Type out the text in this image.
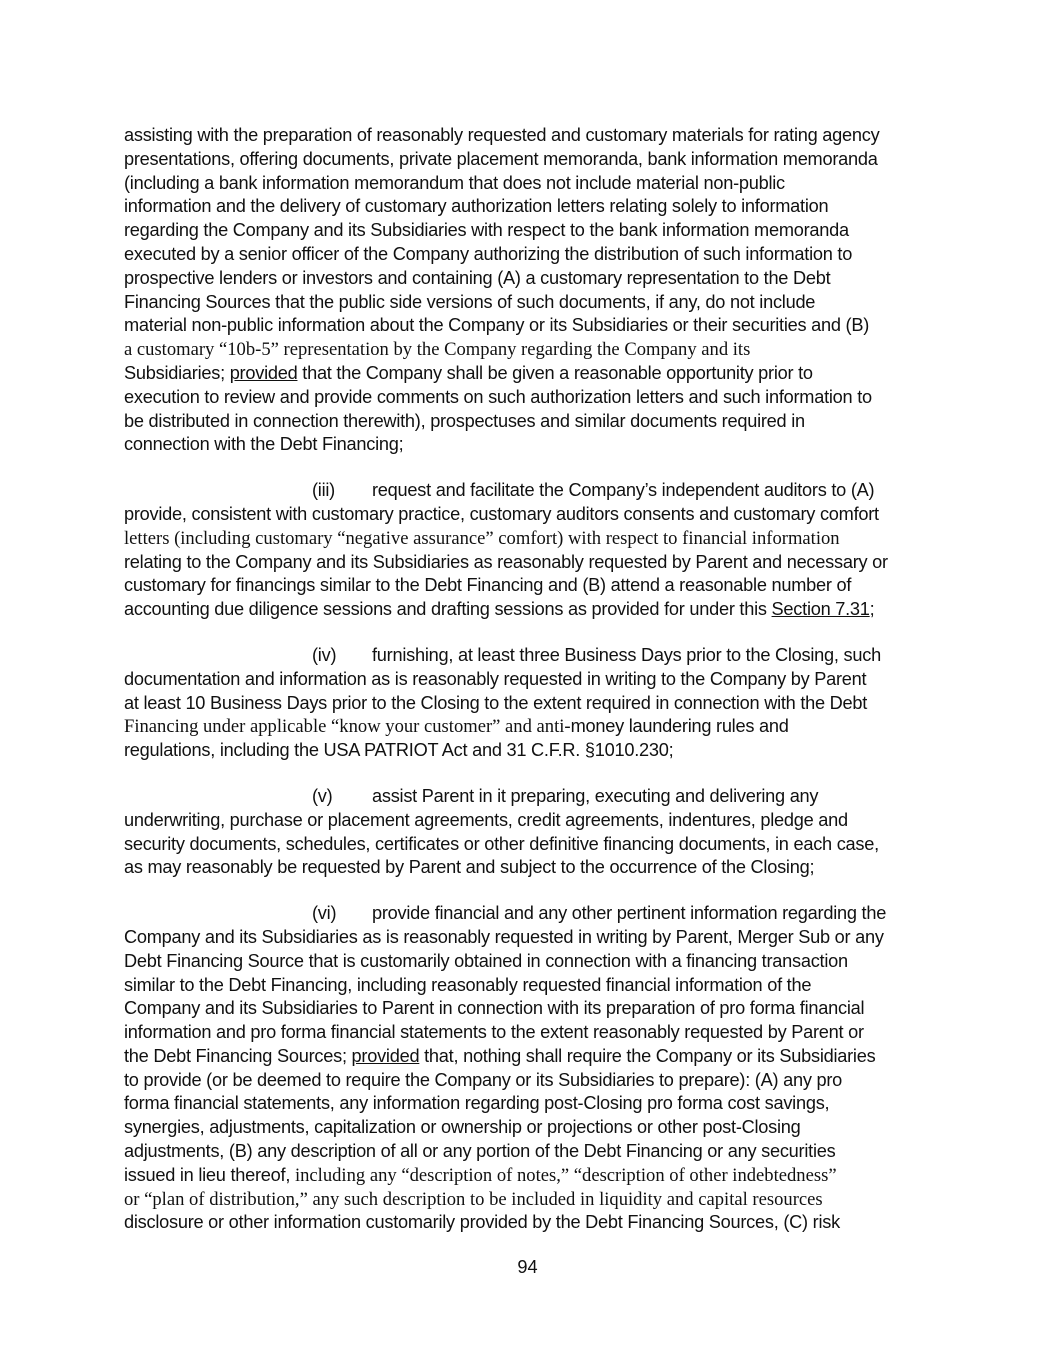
assisting with the preparation of reasonably requested and customary materials for rating agency
presentations, offering documents, private placement memoranda, bank information memoranda
(including a bank information memorandum that does not include material non-public
information and the delivery of customary authorization letters relating solely to information
regarding the Company and its Subsidiaries with respect to the bank information memoranda
executed by a senior officer of the Company authorizing the distribution of such information to
prospective lenders or investors and containing (A) a customary representation to the Debt
Financing Sources that the public side versions of such documents, if any, do not include
material non-public information about the Company or its Subsidiaries or their securities and (B)
a customary “10b-5” representation by the Company regarding the Company and its
Subsidiaries; provided that the Company shall be given a reasonable opportunity prior to
execution to review and provide comments on such authorization letters and such information to
be distributed in connection therewith), prospectuses and similar documents required in
connection with the Debt Financing;

(iii) request and facilitate the Company’s independent auditors to (A)
provide, consistent with customary practice, customary auditors consents and customary comfort
letters (including customary “negative assurance” comfort) with respect to financial information
relating to the Company and its Subsidiaries as reasonably requested by Parent and necessary or
customary for financings similar to the Debt Financing and (B) attend a reasonable number of
accounting due diligence sessions and drafting sessions as provided for under this Section 7.31;

(iv) furnishing, at least three Business Days prior to the Closing, such
documentation and information as is reasonably requested in writing to the Company by Parent
at least 10 Business Days prior to the Closing to the extent required in connection with the Debt
Financing under applicable “know your customer” and anti-money laundering rules and
regulations, including the USA PATRIOT Act and 31 C.F.R. §1010.230;

(v) assist Parent in it preparing, executing and delivering any
underwriting, purchase or placement agreements, credit agreements, indentures, pledge and
security documents, schedules, certificates or other definitive financing documents, in each case,
as may reasonably be requested by Parent and subject to the occurrence of the Closing;

(vi) provide financial and any other pertinent information regarding the
Company and its Subsidiaries as is reasonably requested in writing by Parent, Merger Sub or any
Debt Financing Source that is customarily obtained in connection with a financing transaction
similar to the Debt Financing, including reasonably requested financial information of the
Company and its Subsidiaries to Parent in connection with its preparation of pro forma financial
information and pro forma financial statements to the extent reasonably requested by Parent or
the Debt Financing Sources; provided that, nothing shall require the Company or its Subsidiaries
to provide (or be deemed to require the Company or its Subsidiaries to prepare): (A) any pro
forma financial statements, any information regarding post-Closing pro forma cost savings,
synergies, adjustments, capitalization or ownership or projections or other post-Closing
adjustments, (B) any description of all or any portion of the Debt Financing or any securities
issued in lieu thereof, including any “description of notes,” “description of other indebtedness”
or “plan of distribution,” any such description to be included in liquidity and capital resources
disclosure or other information customarily provided by the Debt Financing Sources, (C) risk

94
